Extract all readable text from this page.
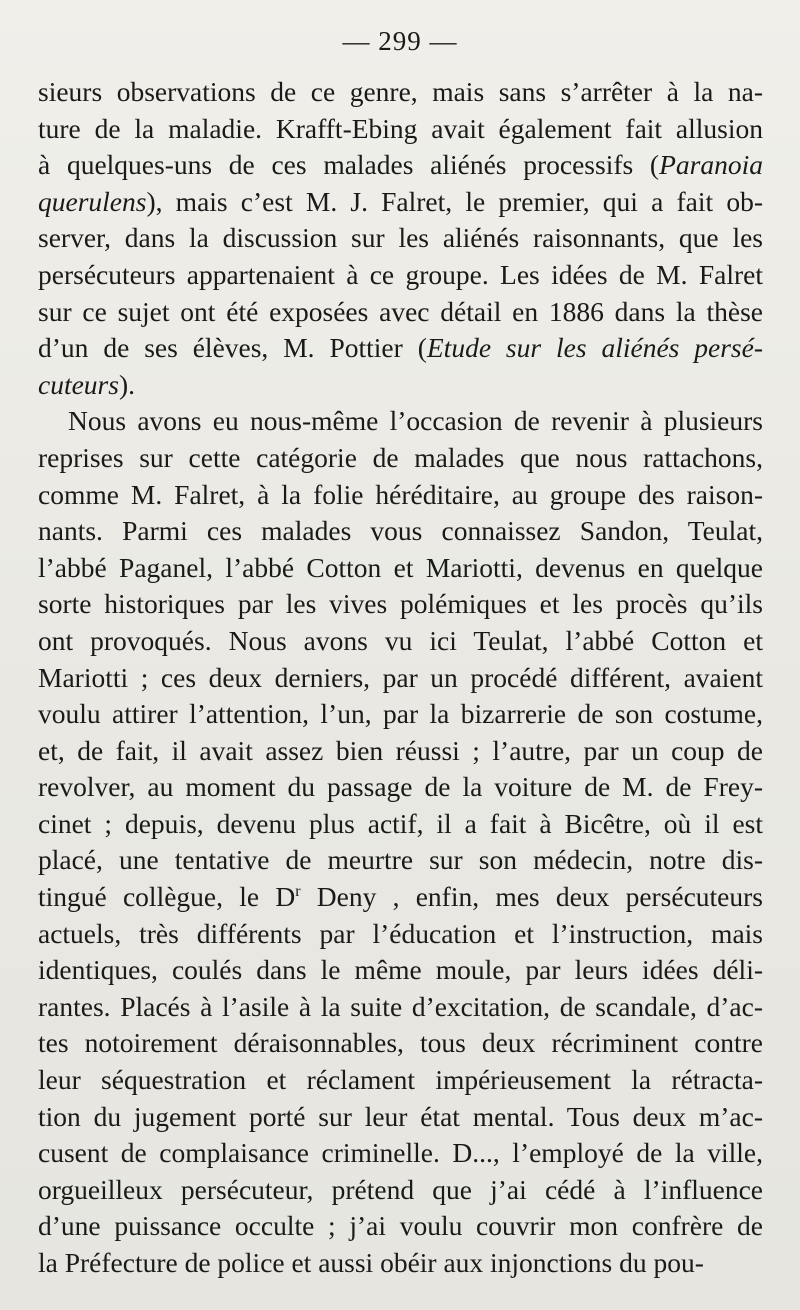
— 299 —
sieurs observations de ce genre, mais sans s’arrêter à la na-
ture de la maladie. Krafft-Ebing avait également fait allusion
à quelques-uns de ces malades aliénés processifs (Paranoia
querulens), mais c’est M. J. Falret, le premier, qui a fait ob-
server, dans la discussion sur les aliénés raisonnants, que les
persécuteurs appartenaient à ce groupe. Les idées de M. Falret
sur ce sujet ont été exposées avec détail en 1886 dans la thèse
d’un de ses élèves, M. Pottier (Etude sur les aliénés persé-
cuteurs).
Nous avons eu nous-même l’occasion de revenir à plusieurs
reprises sur cette catégorie de malades que nous rattachons,
comme M. Falret, à la folie héréditaire, au groupe des raison-
nants. Parmi ces malades vous connaissez Sandon, Teulat,
l’abbé Paganel, l’abbé Cotton et Mariotti, devenus en quelque
sorte historiques par les vives polémiques et les procès qu’ils
ont provoqués. Nous avons vu ici Teulat, l’abbé Cotton et
Mariotti ; ces deux derniers, par un procédé différent, avaient
voulu attirer l’attention, l’un, par la bizarrerie de son costume,
et, de fait, il avait assez bien réussi ; l’autre, par un coup de
revolver, au moment du passage de la voiture de M. de Frey-
cinet ; depuis, devenu plus actif, il a fait à Bicêtre, où il est
placé, une tentative de meurtre sur son médecin, notre dis-
tingué collègue, le $D^r$ Deny , enfin, mes deux persécuteurs
actuels, très différents par l’éducation et l’instruction, mais
identiques, coulés dans le même moule, par leurs idées déli-
rantes. Placés à l’asile à la suite d’excitation, de scandale, d’ac-
tes notoirement déraisonnables, tous deux récriminent contre
leur séquestration et réclament impérieusement la rétracta-
tion du jugement porté sur leur état mental. Tous deux m’ac-
cusent de complaisance criminelle. D..., l’employé de la ville,
orgueilleux persécuteur, prétend que j’ai cédé à l’influence
d’une puissance occulte ; j’ai voulu couvrir mon confrère de
la Préfecture de police et aussi obéir aux injonctions du pou-
